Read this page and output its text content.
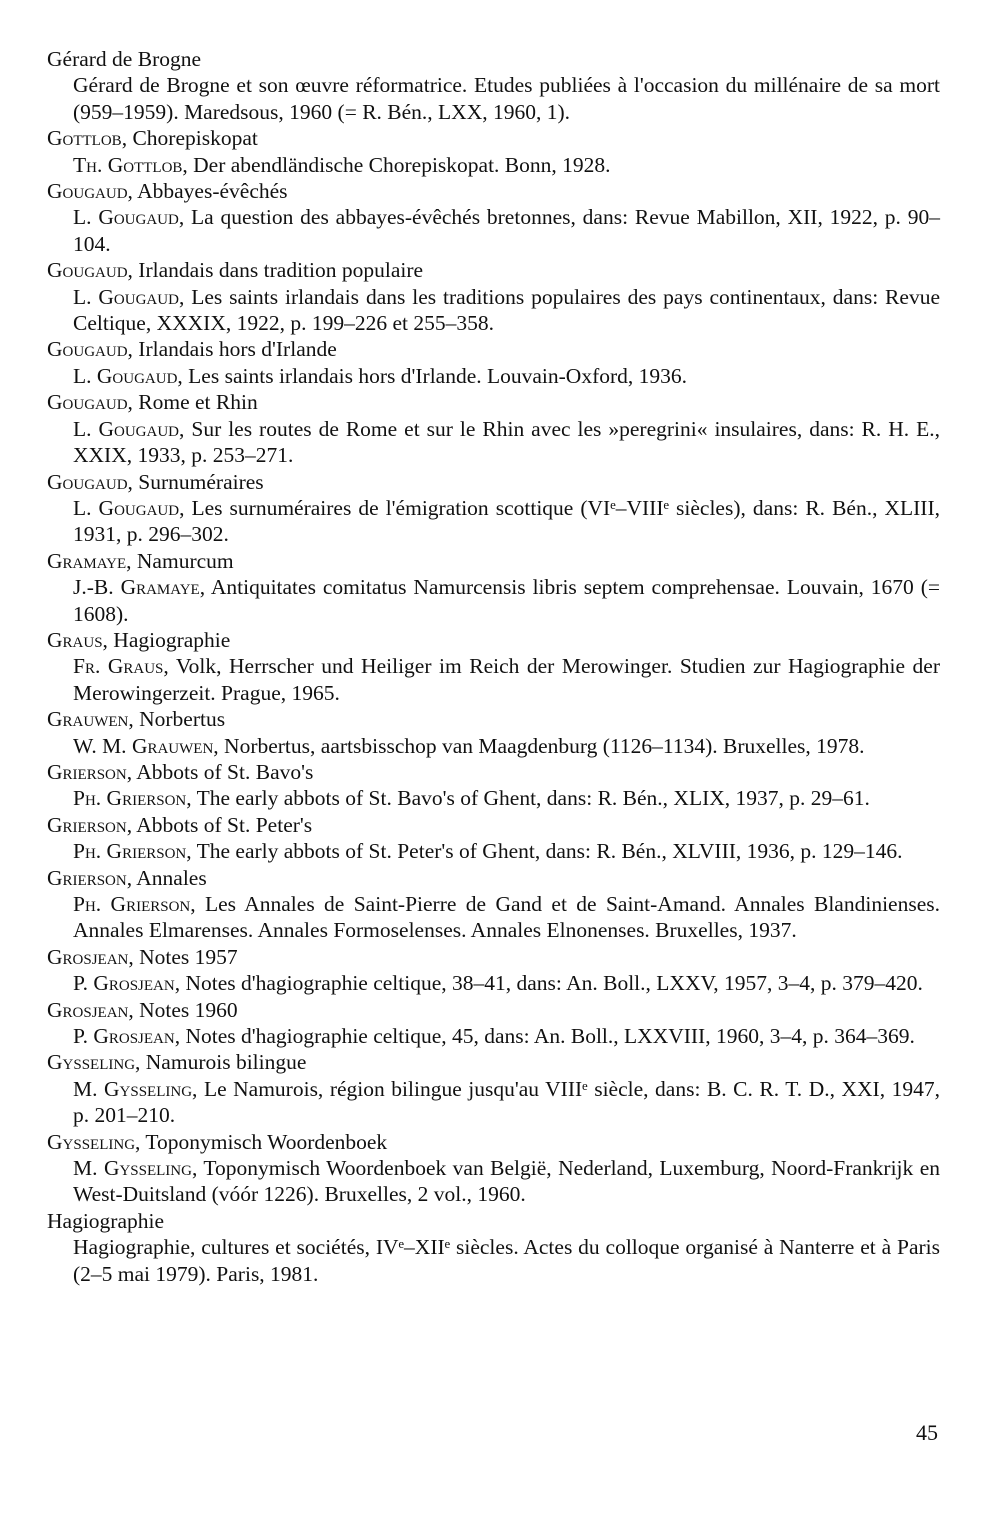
Gérard de Brogne
Gérard de Brogne et son œuvre réformatrice. Etudes publiées à l'occasion du millénaire de sa mort (959–1959). Maredsous, 1960 (= R. Bén., LXX, 1960, 1).
Gottlob, Chorepiskopat
Th. Gottlob, Der abendländische Chorepiskopat. Bonn, 1928.
Gougaud, Abbayes-évêchés
L. Gougaud, La question des abbayes-évêchés bretonnes, dans: Revue Mabillon, XII, 1922, p. 90–104.
Gougaud, Irlandais dans tradition populaire
L. Gougaud, Les saints irlandais dans les traditions populaires des pays continentaux, dans: Revue Celtique, XXXIX, 1922, p. 199–226 et 255–358.
Gougaud, Irlandais hors d'Irlande
L. Gougaud, Les saints irlandais hors d'Irlande. Louvain-Oxford, 1936.
Gougaud, Rome et Rhin
L. Gougaud, Sur les routes de Rome et sur le Rhin avec les »peregrini« insulaires, dans: R. H. E., XXIX, 1933, p. 253–271.
Gougaud, Surnuméraires
L. Gougaud, Les surnuméraires de l'émigration scottique (VIᵉ–VIIIᵉ siècles), dans: R. Bén., XLIII, 1931, p. 296–302.
Gramaye, Namurcum
J.-B. Gramaye, Antiquitates comitatus Namurcensis libris septem comprehensae. Louvain, 1670 (= 1608).
Graus, Hagiographie
Fr. Graus, Volk, Herrscher und Heiliger im Reich der Merowinger. Studien zur Hagiographie der Merowingerzeit. Prague, 1965.
Grauwen, Norbertus
W. M. Grauwen, Norbertus, aartsbisschop van Maagdenburg (1126–1134). Bruxelles, 1978.
Grierson, Abbots of St. Bavo's
Ph. Grierson, The early abbots of St. Bavo's of Ghent, dans: R. Bén., XLIX, 1937, p. 29–61.
Grierson, Abbots of St. Peter's
Ph. Grierson, The early abbots of St. Peter's of Ghent, dans: R. Bén., XLVIII, 1936, p. 129–146.
Grierson, Annales
Ph. Grierson, Les Annales de Saint-Pierre de Gand et de Saint-Amand. Annales Blandinienses. Annales Elmarenses. Annales Formoselenses. Annales Elnonenses. Bruxelles, 1937.
Grosjean, Notes 1957
P. Grosjean, Notes d'hagiographie celtique, 38–41, dans: An. Boll., LXXV, 1957, 3–4, p. 379–420.
Grosjean, Notes 1960
P. Grosjean, Notes d'hagiographie celtique, 45, dans: An. Boll., LXXVIII, 1960, 3–4, p. 364–369.
Gysseling, Namurois bilingue
M. Gysseling, Le Namurois, région bilingue jusqu'au VIIIᵉ siècle, dans: B. C. R. T. D., XXI, 1947, p. 201–210.
Gysseling, Toponymisch Woordenboek
M. Gysseling, Toponymisch Woordenboek van België, Nederland, Luxemburg, Noord-Frankrijk en West-Duitsland (vóór 1226). Bruxelles, 2 vol., 1960.
Hagiographie
Hagiographie, cultures et sociétés, IVᵉ–XIIᵉ siècles. Actes du colloque organisé à Nanterre et à Paris (2–5 mai 1979). Paris, 1981.
45
